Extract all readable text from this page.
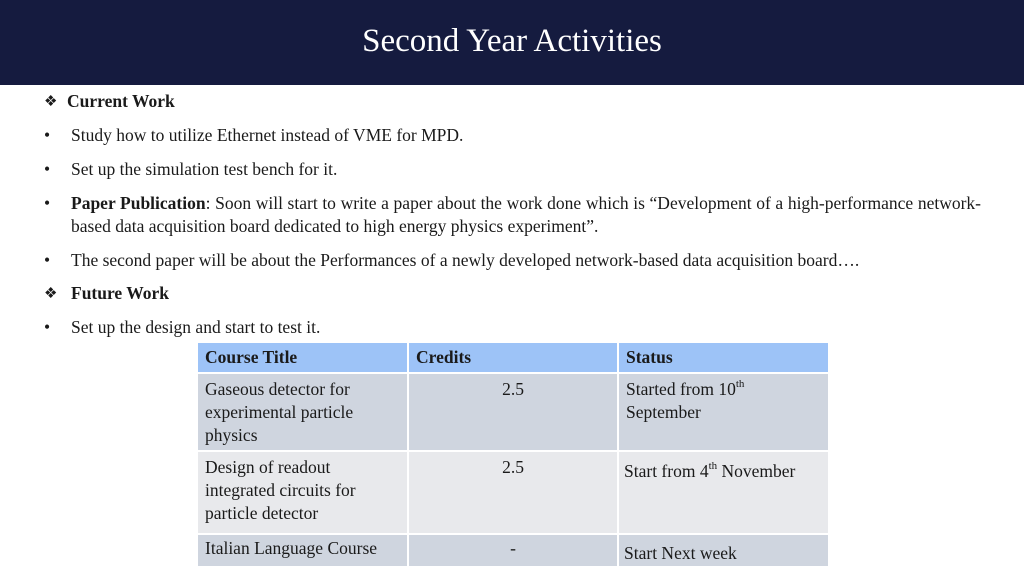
Second Year Activities
❖ Current Work
• Study how to utilize Ethernet instead of VME for MPD.
• Set up the simulation test bench for it.
• Paper Publication: Soon will start to write a paper about the work done which is “Development of a high-performance network-based data acquisition board dedicated to high energy physics experiment”.
• The second paper will be about the Performances of a newly developed network-based data acquisition board….
❖ Future Work
• Set up the design and start to test it.
Course Title	Credits	Status
Gaseous detector for experimental particle physics	2.5	Started from 10th September
Design of readout integrated circuits for particle detector	2.5	Start from 4th November
Italian Language Course	-	Start Next week
